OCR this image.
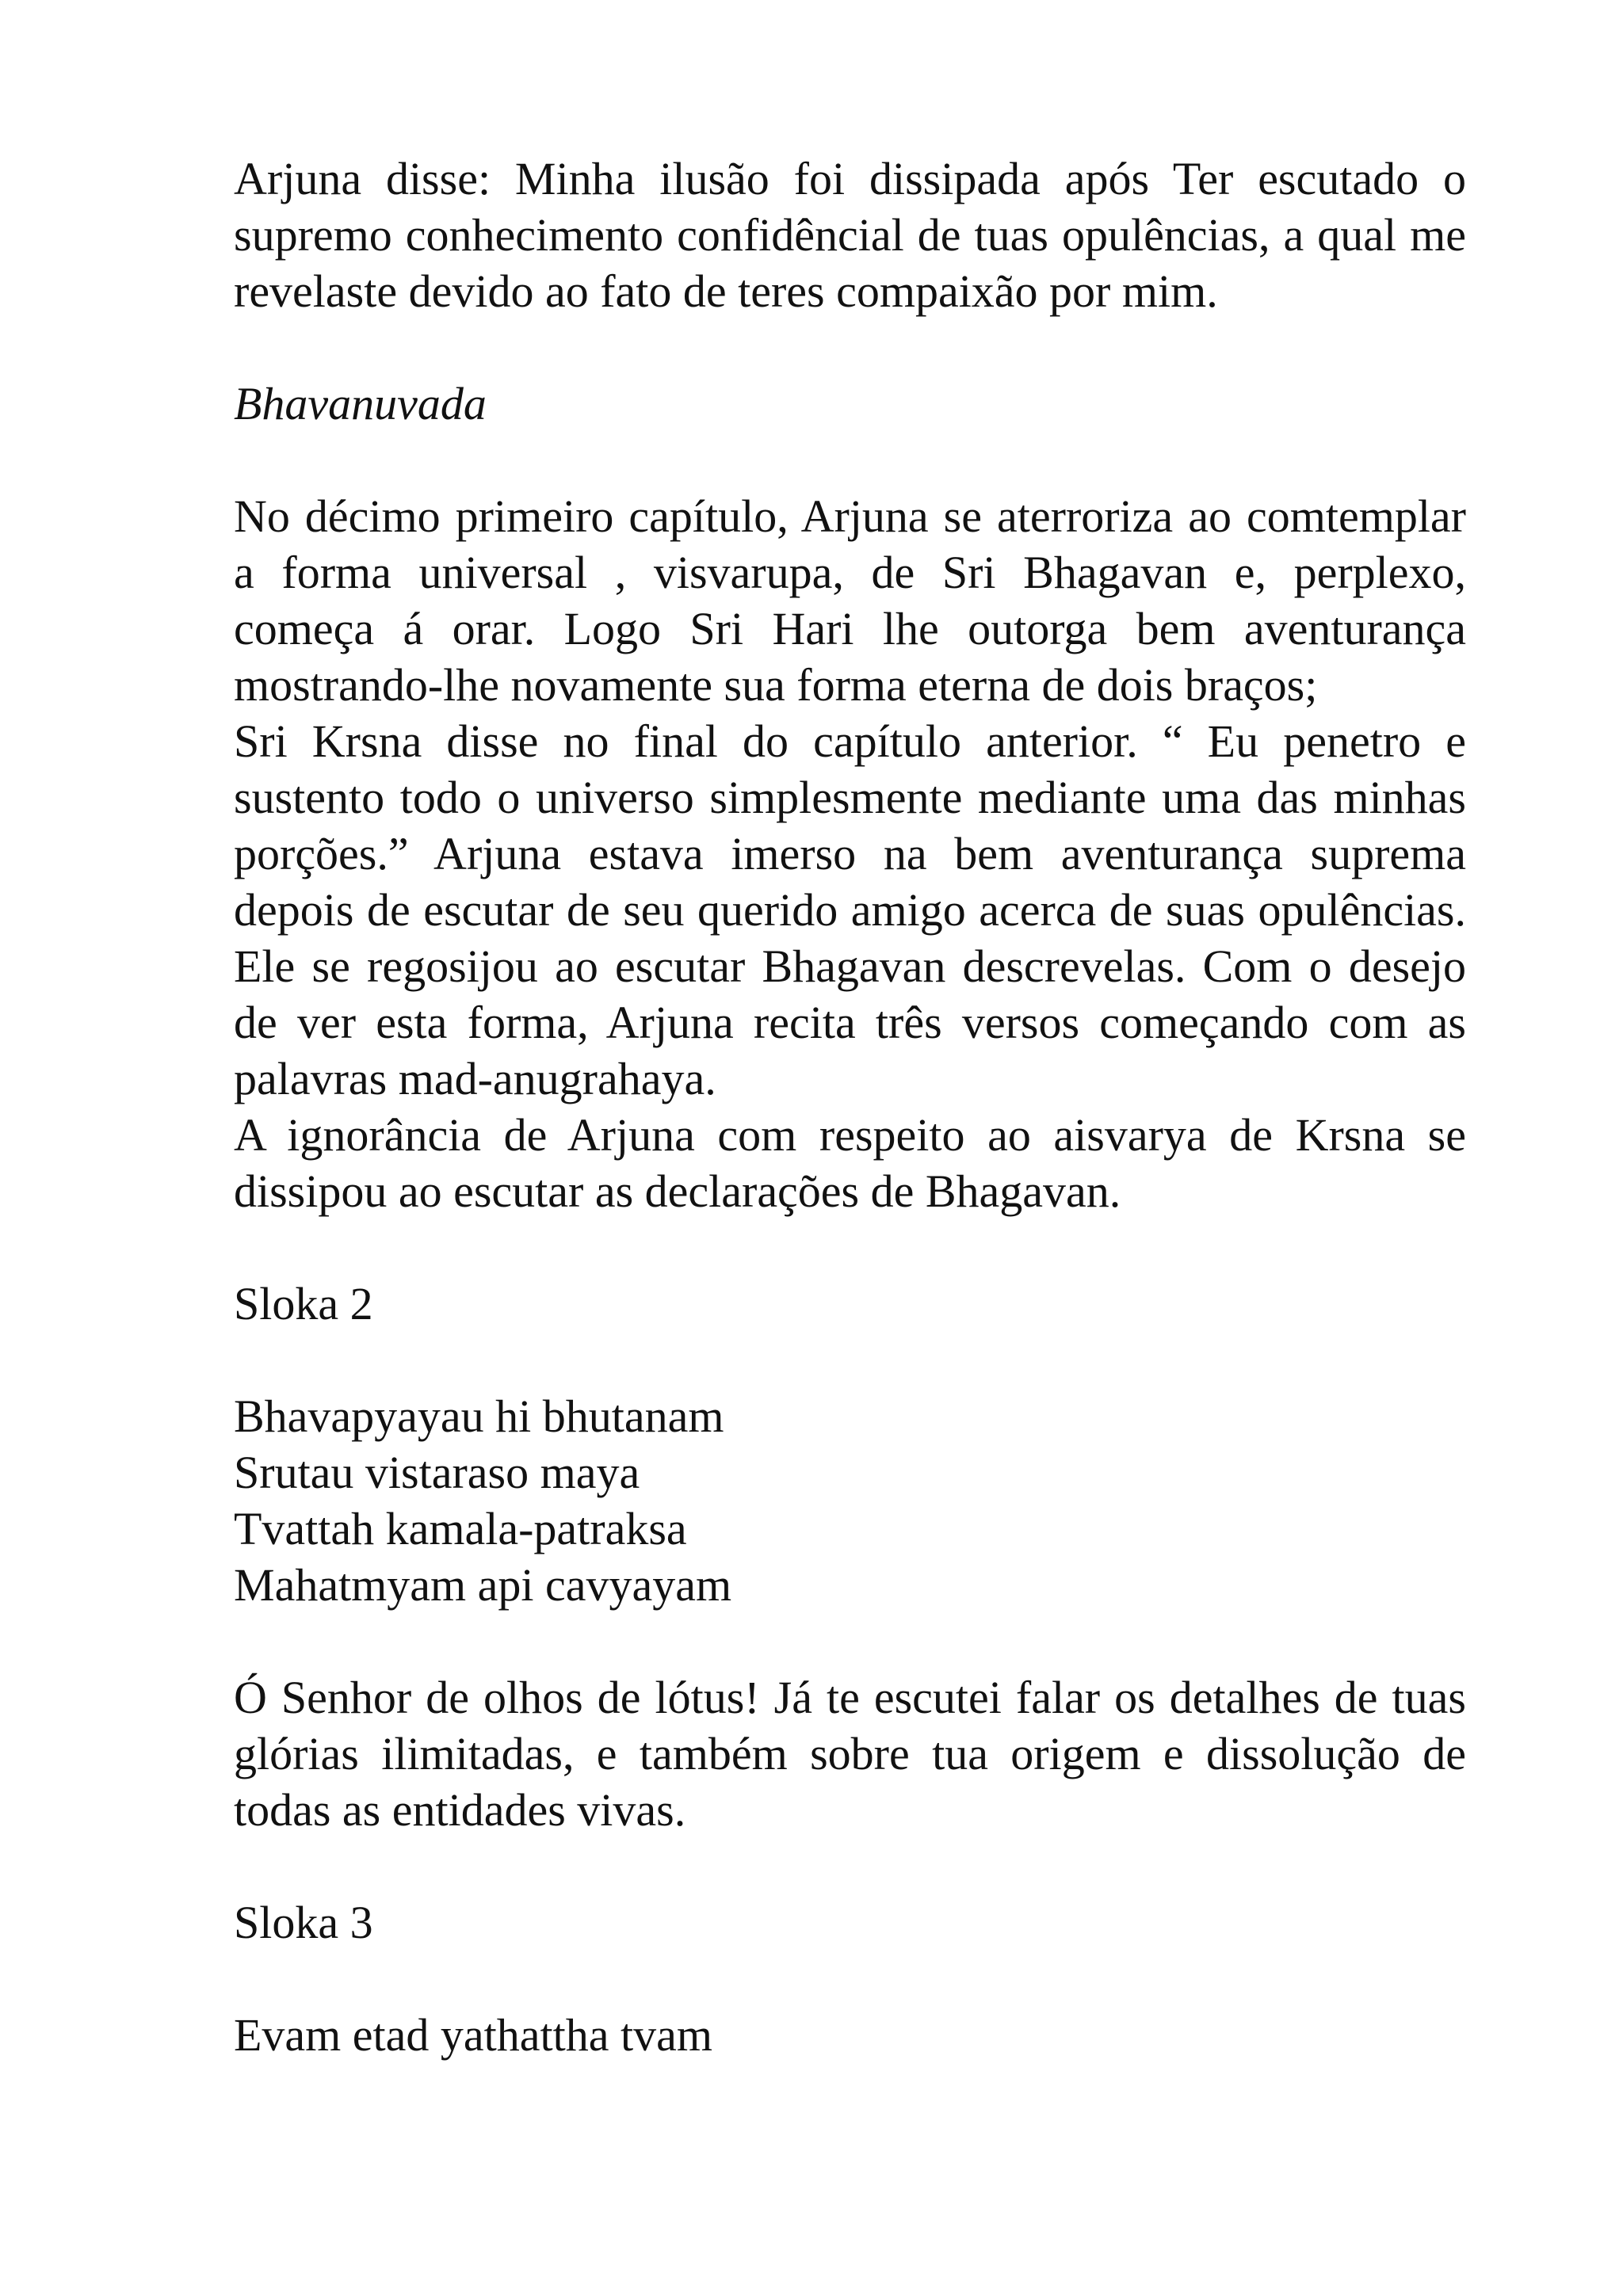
Arjuna disse: Minha ilusão foi dissipada após Ter escutado o supremo conhecimento confidêncial de tuas opulências, a qual me revelaste devido ao fato de teres compaixão por mim.

Bhavanuvada

No décimo primeiro capítulo, Arjuna se aterroriza ao comtemplar a forma universal , visvarupa, de Sri Bhagavan e, perplexo, começa á orar. Logo Sri Hari lhe outorga bem aventurança mostrando-lhe novamente sua forma eterna de dois braços;

Sri Krsna disse no final do capítulo anterior. “ Eu penetro e sustento todo o universo simplesmente mediante uma das minhas porções.” Arjuna estava imerso na bem aventurança suprema depois de escutar de seu querido amigo acerca de suas opulências. Ele se regosijou ao escutar Bhagavan descrevelas. Com o desejo de ver esta forma, Arjuna recita três versos começando com as palavras mad-anugrahaya.

A ignorância de Arjuna com respeito ao aisvarya de Krsna se dissipou ao escutar as declarações de Bhagavan.

Sloka 2

Bhavapyayau hi bhutanam
Srutau vistaraso maya
Tvattah kamala-patraksa
Mahatmyam api cavyayam

Ó Senhor de olhos de lótus! Já te escutei falar os detalhes de tuas glórias ilimitadas, e também sobre tua origem e dissolução de todas as entidades vivas.

Sloka 3

Evam etad yathattha tvam
